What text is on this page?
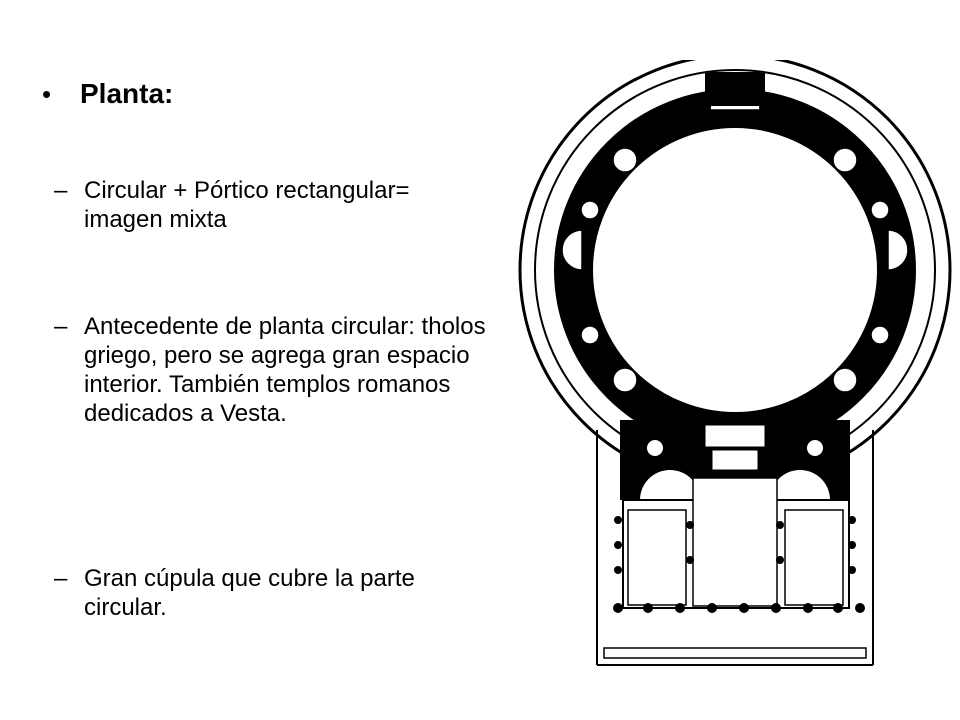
•	Planta:
– Circular + Pórtico rectangular= imagen mixta
– Antecedente de planta circular: tholos griego, pero se agrega gran espacio interior. También templos romanos dedicados a Vesta.
– Gran cúpula que cubre la parte circular.
